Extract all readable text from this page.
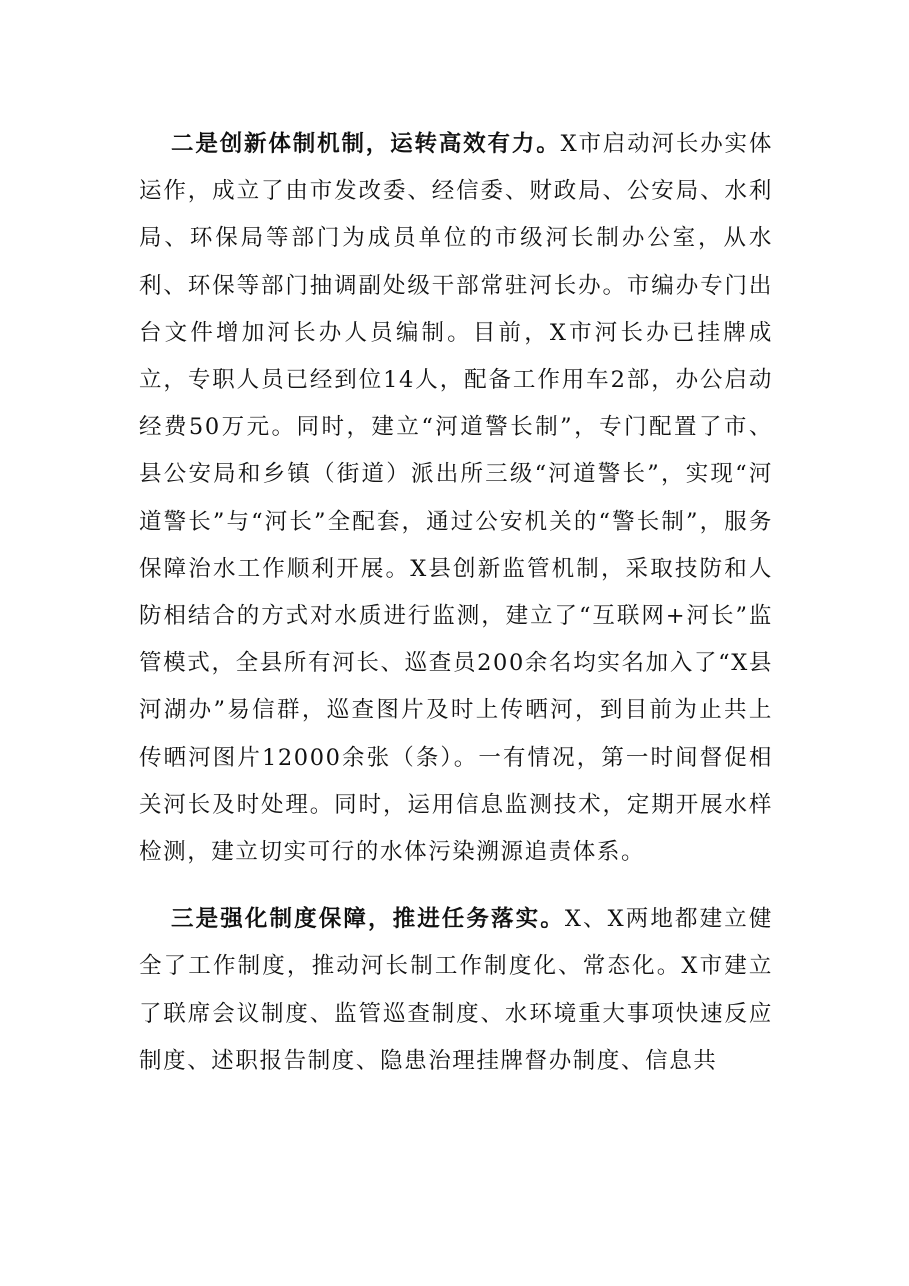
二是创新体制机制，运转高效有力。X市启动河长办实体运作，成立了由市发改委、经信委、财政局、公安局、水利局、环保局等部门为成员单位的市级河长制办公室，从水利、环保等部门抽调副处级干部常驻河长办。市编办专门出台文件增加河长办人员编制。目前，X市河长办已挂牌成立，专职人员已经到位14人，配备工作用车2部，办公启动经费50万元。同时，建立“河道警长制”，专门配置了市、县公安局和乡镇（街道）派出所三级“河道警长”，实现“河道警长”与“河长”全配套，通过公安机关的“警长制”，服务保障治水工作顺利开展。X县创新监管机制，采取技防和人防相结合的方式对水质进行监测，建立了“互联网+河长”监管模式，全县所有河长、巡查员200余名均实名加入了“X县河湖办”易信群，巡查图片及时上传晒河，到目前为止共上传晒河图片12000余张（条）。一有情况，第一时间督促相关河长及时处理。同时，运用信息监测技术，定期开展水样检测，建立切实可行的水体污染溯源追责体系。

三是强化制度保障，推进任务落实。X、X两地都建立健全了工作制度，推动河长制工作制度化、常态化。X市建立了联席会议制度、监管巡查制度、水环境重大事项快速反应制度、述职报告制度、隐患治理挂牌督办制度、信息共
